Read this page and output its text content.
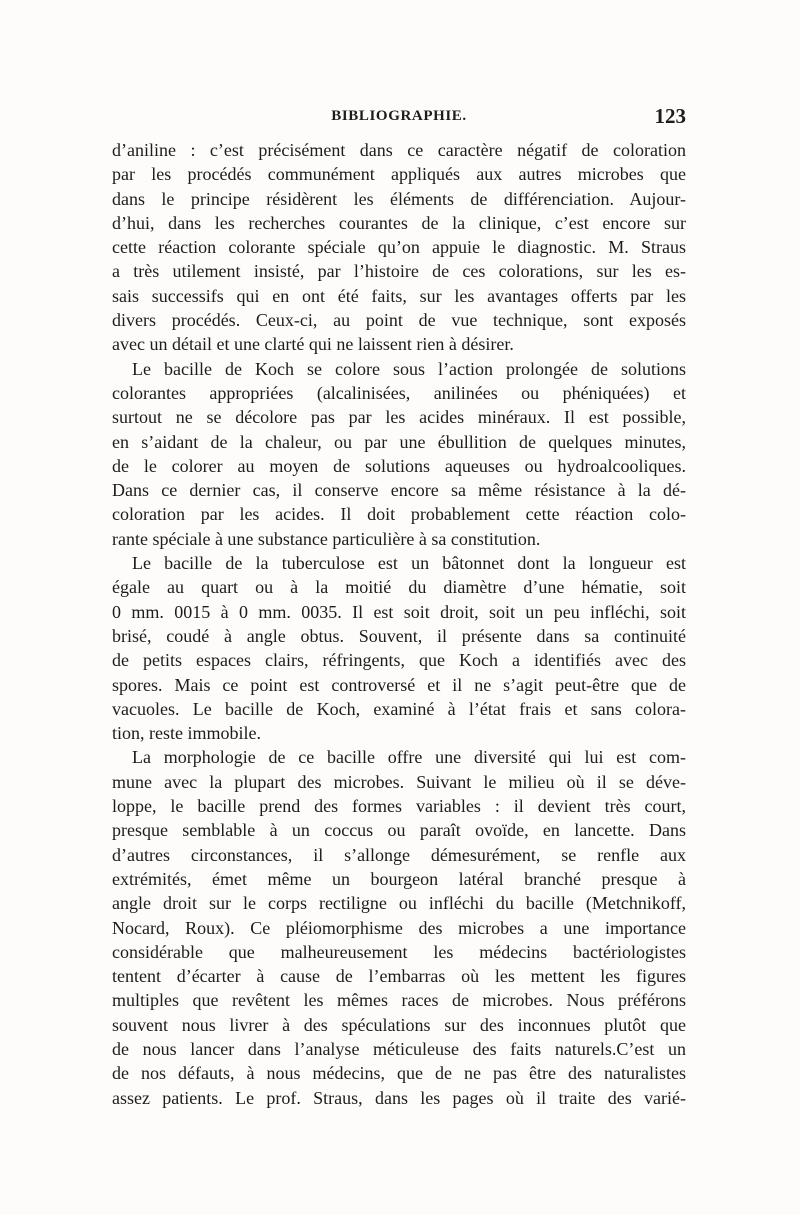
BIBLIOGRAPHIE.	123
d’aniline : c’est précisément dans ce caractère négatif de coloration
par les procédés communément appliqués aux autres microbes que
dans le principe résidèrent les éléments de différenciation. Aujour-
d’hui, dans les recherches courantes de la clinique, c’est encore sur
cette réaction colorante spéciale qu’on appuie le diagnostic. M. Straus
a très utilement insisté, par l’histoire de ces colorations, sur les es-
sais successifs qui en ont été faits, sur les avantages offerts par les
divers procédés. Ceux-ci, au point de vue technique, sont exposés
avec un détail et une clarté qui ne laissent rien à désirer.
Le bacille de Koch se colore sous l’action prolongée de solutions
colorantes appropriées (alcalinisées, anilinées ou phéniquées) et
surtout ne se décolore pas par les acides minéraux. Il est possible,
en s’aidant de la chaleur, ou par une ébullition de quelques minutes,
de le colorer au moyen de solutions aqueuses ou hydroalcooliques.
Dans ce dernier cas, il conserve encore sa même résistance à la dé-
coloration par les acides. Il doit probablement cette réaction colo-
rante spéciale à une substance particulière à sa constitution.
Le bacille de la tuberculose est un bâtonnet dont la longueur est
égale au quart ou à la moitié du diamètre d’une hématie, soit
0 mm. 0015 à 0 mm. 0035. Il est soit droit, soit un peu infléchi, soit
brisé, coudé à angle obtus. Souvent, il présente dans sa continuité
de petits espaces clairs, réfringents, que Koch a identifiés avec des
spores. Mais ce point est controversé et il ne s’agit peut-être que de
vacuoles. Le bacille de Koch, examiné à l’état frais et sans colora-
tion, reste immobile.
La morphologie de ce bacille offre une diversité qui lui est com-
mune avec la plupart des microbes. Suivant le milieu où il se déve-
loppe, le bacille prend des formes variables : il devient très court,
presque semblable à un coccus ou paraît ovoïde, en lancette. Dans
d’autres circonstances, il s’allonge démesurément, se renfle aux
extrémités, émet même un bourgeon latéral branché presque à
angle droit sur le corps rectiligne ou infléchi du bacille (Metchnikoff,
Nocard, Roux). Ce pléiomorphisme des microbes a une importance
considérable que malheureusement les médecins bactériologistes
tentent d’écarter à cause de l’embarras où les mettent les figures
multiples que revêtent les mêmes races de microbes. Nous préférons
souvent nous livrer à des spéculations sur des inconnues plutôt que
de nous lancer dans l’analyse méticuleuse des faits naturels.C’est un
de nos défauts, à nous médecins, que de ne pas être des naturalistes
assez patients. Le prof. Straus, dans les pages où il traite des varié-
